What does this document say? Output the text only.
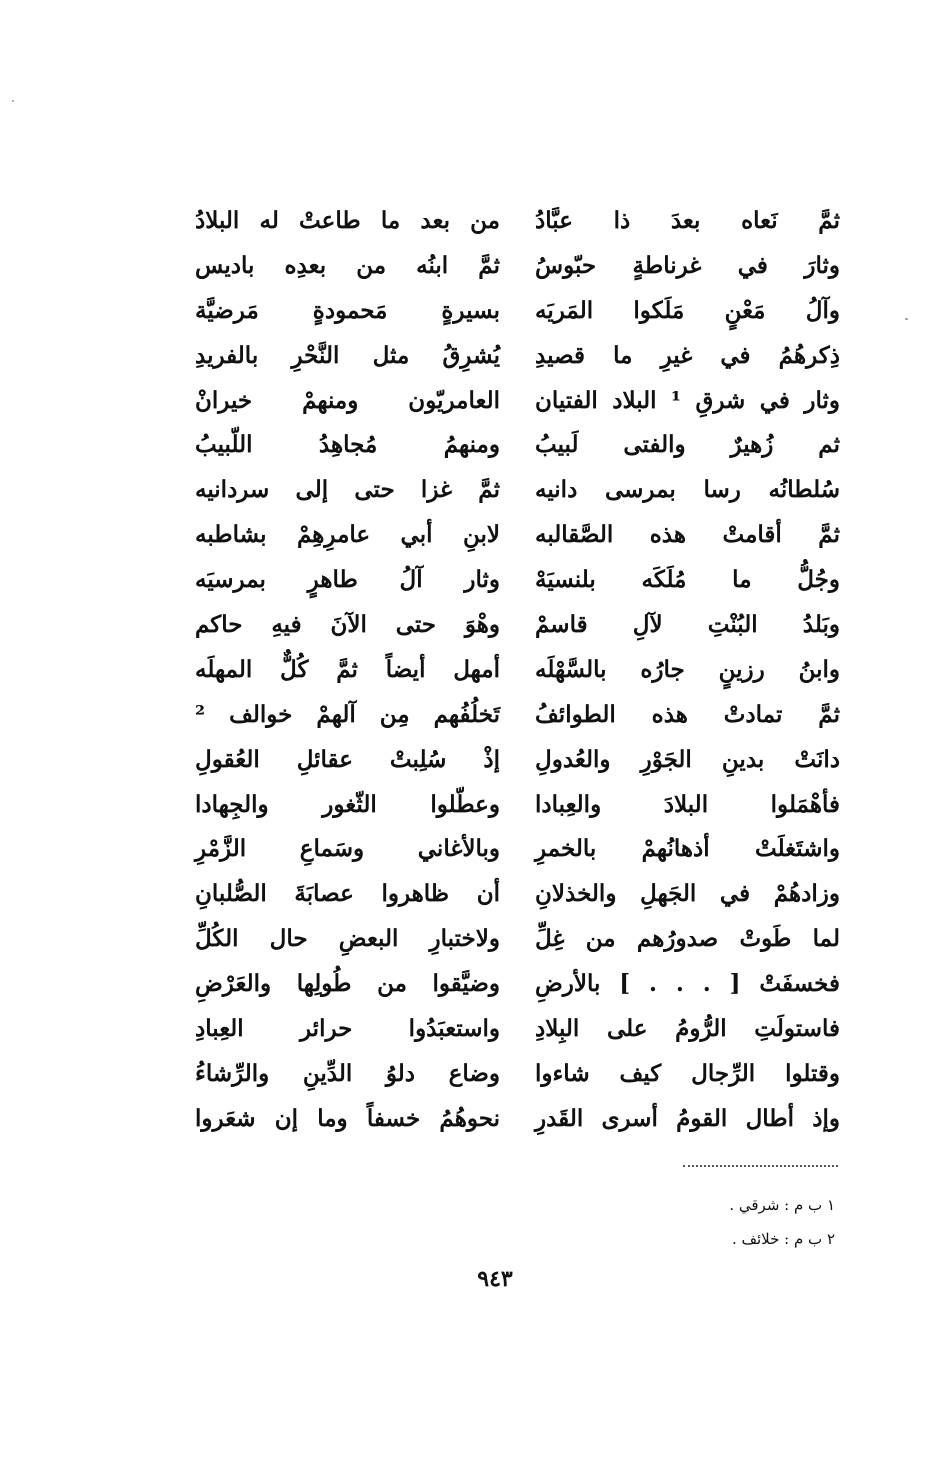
ثمَّ نَعاه بعدَ ذا عبَّادُ
من بعد ما طاعتْ له البلادُ
وثارَ في غرناطةٍ حبّوسُ
ثمَّ ابنُه من بعدِه باديس
وآلُ مَعْنٍ مَلَكوا المَريَه
بسيرةٍ مَحمودةٍ مَرضيَّة
ذِكرهُمُ في غيرِ ما قصيدِ
يُشرِقُ مثل النَّحْرِ بالفريدِ
وثار في شرقِ ¹ البلاد الفتيان
العامريّون ومنهمْ خيرانْ
ثم زُهيرٌ والفتى لَبيبُ
ومنهمُ مُجاهِدُ اللّبيبُ
سُلطانُه رسا بمرسى دانيه
ثمَّ غزا حتى إلى سردانيه
ثمَّ أقامتْ هذه الصَّقالبه
لابنِ أبي عامرِهِمْ بشاطبه
وجُلُّ ما مُلَكَه بلنسيَهْ
وثار آلُ طاهرٍ بمرسيَه
وبَلدُ البُنْتِ لآلِ قاسمْ
وهْوَ حتى الآنَ فيهِ حاكم
وابنُ رزينٍ جارُه بالسَّهْلَه
أمهل أيضاً ثمَّ كُلٌّ المهلَه
ثمَّ تمادتْ هذه الطوائفُ
تَخلُفُهم مِن آلهمْ خوالف ²
دانَتْ بدينِ الجَوْرِ والعُدولِ
إذْ سُلِبتْ عقائلِ العُقولِ
فأهْمَلوا البلادَ والعِبادا
وعطّلوا الثّغور والجِهادا
واشتَغلَتْ أذهانُهمْ بالخمرِ
وبالأغاني وسَماعِ الزَّمْرِ
وزادهُمْ في الجَهلِ والخذلانِ
أن ظاهروا عصابَةَ الصُّلبانِ
لما طَوتْ صدورُهم من غِلِّ
ولاختبارِ البعضِ حال الكُلِّ
فخسفَتْ [ . . . ] بالأرضِ
وضيَّقوا من طُولِها والعَرْضِ
فاستولَتِ الرُّومُ على البِلادِ
واستعبَدُوا حرائر العِبادِ
وقتلوا الرِّجال كيف شاءوا
وضاع دلوُ الدِّينِ والرِّشاءُ
وإذ أطال القومُ أسرى القَدرِ
نحوهُمُ خسفاً وما إن شعَروا
١ ب م : شرقي .
٢ ب م : خلائف .
٩٤٣
